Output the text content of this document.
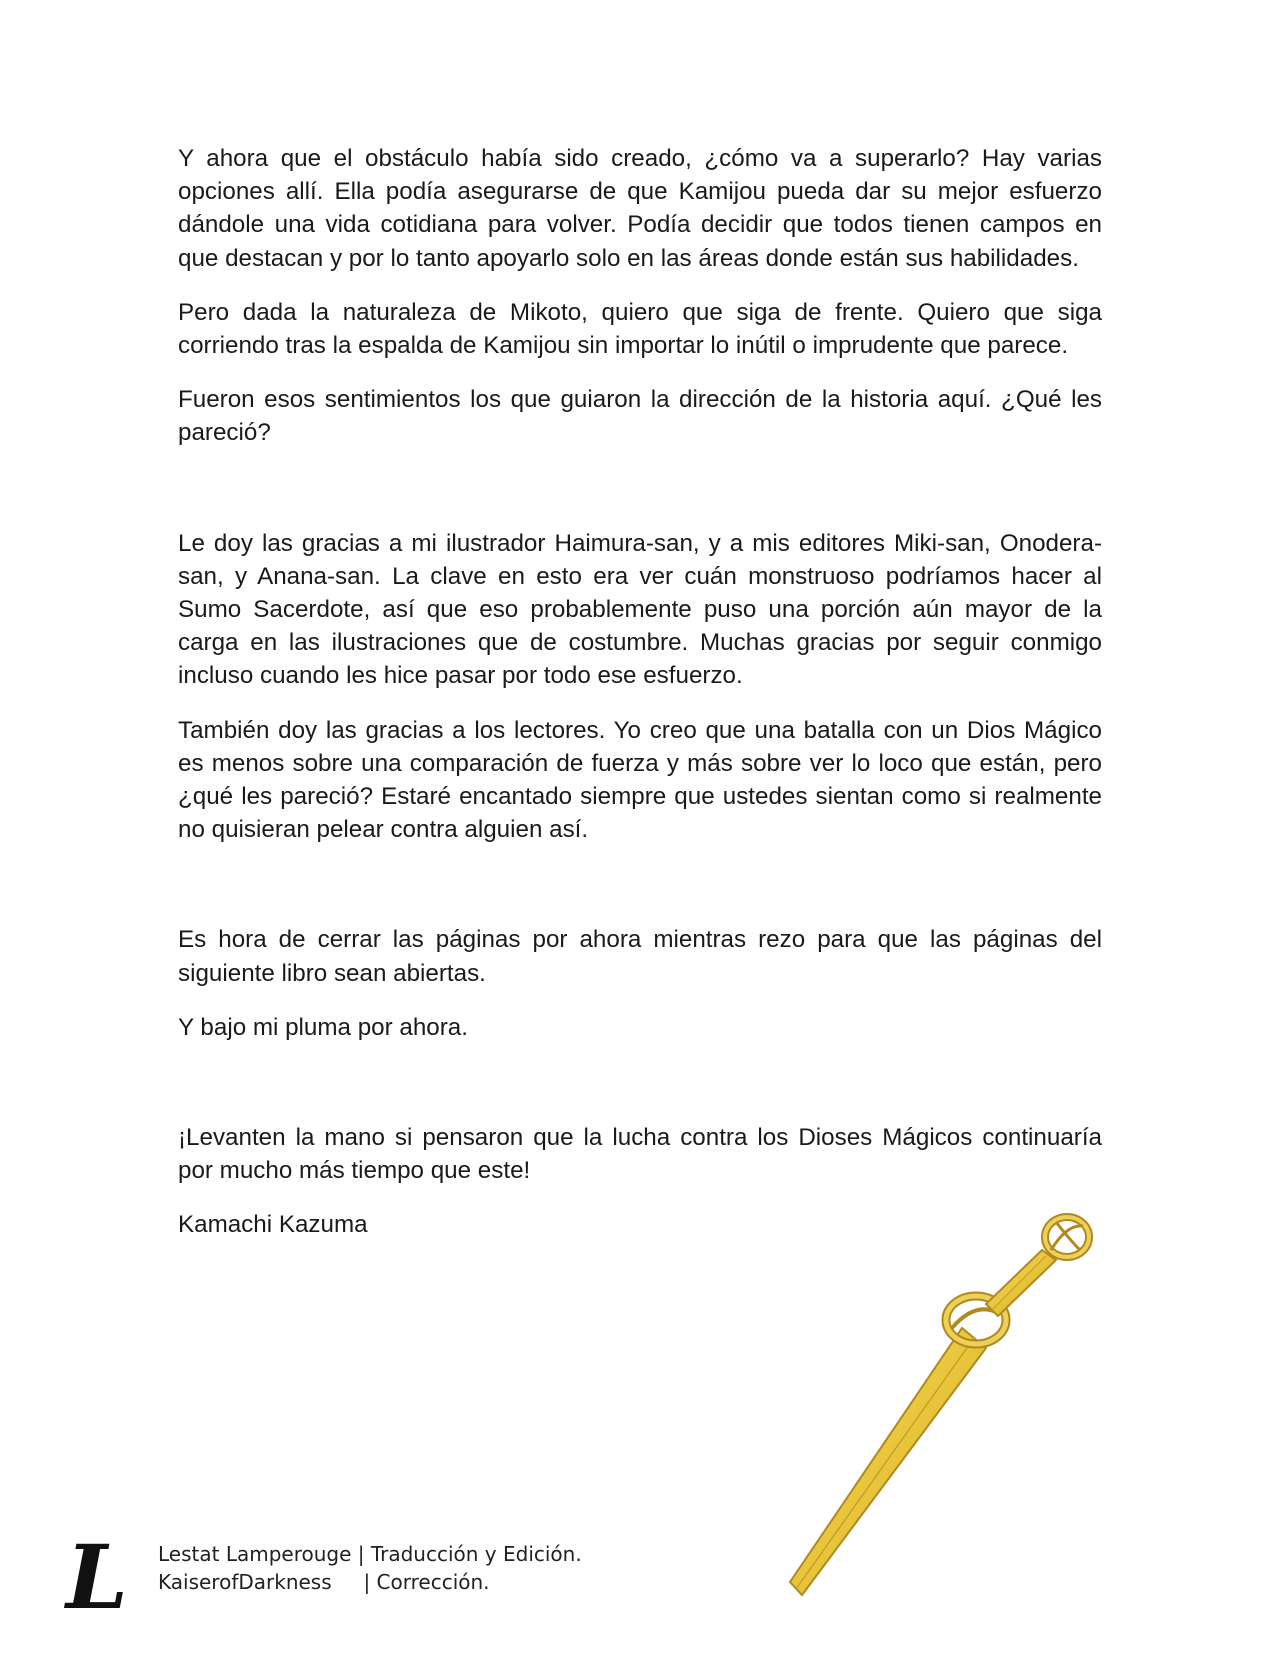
Y ahora que el obstáculo había sido creado, ¿cómo va a superarlo? Hay varias opciones allí. Ella podía asegurarse de que Kamijou pueda dar su mejor esfuerzo dándole una vida cotidiana para volver. Podía decidir que todos tienen campos en que destacan y por lo tanto apoyarlo solo en las áreas donde están sus habilidades.

Pero dada la naturaleza de Mikoto, quiero que siga de frente. Quiero que siga corriendo tras la espalda de Kamijou sin importar lo inútil o imprudente que parece.

Fueron esos sentimientos los que guiaron la dirección de la historia aquí. ¿Qué les pareció?

Le doy las gracias a mi ilustrador Haimura-san, y a mis editores Miki-san, Onodera-san, y Anana-san. La clave en esto era ver cuán monstruoso podríamos hacer al Sumo Sacerdote, así que eso probablemente puso una porción aún mayor de la carga en las ilustraciones que de costumbre. Muchas gracias por seguir conmigo incluso cuando les hice pasar por todo ese esfuerzo.

También doy las gracias a los lectores. Yo creo que una batalla con un Dios Mágico es menos sobre una comparación de fuerza y más sobre ver lo loco que están, pero ¿qué les pareció? Estaré encantado siempre que ustedes sientan como si realmente no quisieran pelear contra alguien así.

Es hora de cerrar las páginas por ahora mientras rezo para que las páginas del siguiente libro sean abiertas.

Y bajo mi pluma por ahora.

¡Levanten la mano si pensaron que la lucha contra los Dioses Mágicos continuaría por mucho más tiempo que este!

Kamachi Kazuma

L Lestat Lamperouge | Traducción y Edición.
KaiserofDarkness | Corrección.
